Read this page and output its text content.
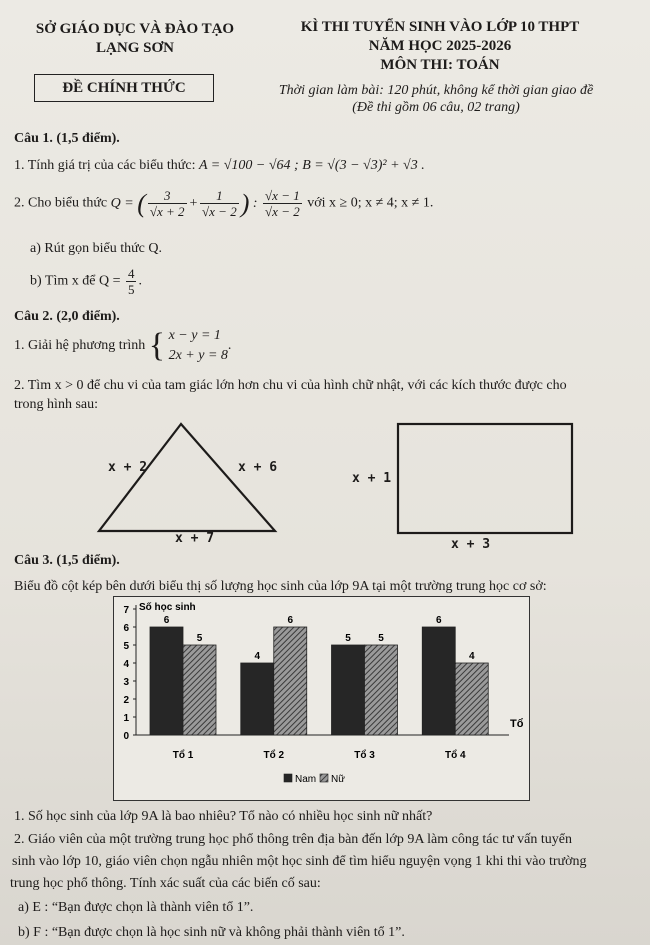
SỞ GIÁO DỤC VÀ ĐÀO TẠO
LẠNG SƠN
KÌ THI TUYỂN SINH VÀO LỚP 10 THPT
NĂM HỌC 2025-2026
MÔN THI: TOÁN
ĐỀ CHÍNH THỨC	Thời gian làm bài: 120 phút, không kể thời gian giao đề
(Đề thi gồm 06 câu, 02 trang)
Câu 1. (1,5 điểm).
1. Tính giá trị của các biểu thức: A = √100 − √64 ; B = √(3 − √3)² + √3 .
2. Cho biểu thức Q = ( $\frac{3}{√x + 2} + \frac{1}{√x - 2}$ ) : $\frac{√x - 1}{√x - 2}$ với x ≥ 0; x ≠ 4; x ≠ 1.
a) Rút gọn biểu thức Q.
b) Tìm x để $Q = \frac{4}{5}$ .
Câu 2. (2,0 điểm).
1. Giải hệ phương trình { x − y = 1
2x + y = 8
.
2. Tìm x > 0 để chu vi của tam giác lớn hơn chu vi của hình chữ nhật, với các kích thước được cho
trong hình sau:
x + 2	x + 6
x + 7
x + 1
x + 3
Câu 3. (1,5 điểm).
Biểu đồ cột kép bên dưới biểu thị số lượng học sinh của lớp 9A tại một trường trung học cơ sở:
0
1
2
3
4
5
6
7 Số học sinh
Tổ
6
5
Tổ 1
4
6
Tổ 2
5	5
Tổ 3
6
4
Tổ 4
Nam Nữ
1. Số học sinh của lớp 9A là bao nhiêu? Tổ nào có nhiều học sinh nữ nhất?
2. Giáo viên của một trường trung học phổ thông trên địa bàn đến lớp 9A làm công tác tư vấn tuyển
sinh vào lớp 10, giáo viên chọn ngẫu nhiên một học sinh để tìm hiểu nguyện vọng 1 khi thi vào trường
trung học phổ thông. Tính xác suất của các biến cố sau:
a) E : “Bạn được chọn là thành viên tổ 1”.
b) F : “Bạn được chọn là học sinh nữ và không phải thành viên tổ 1”.
